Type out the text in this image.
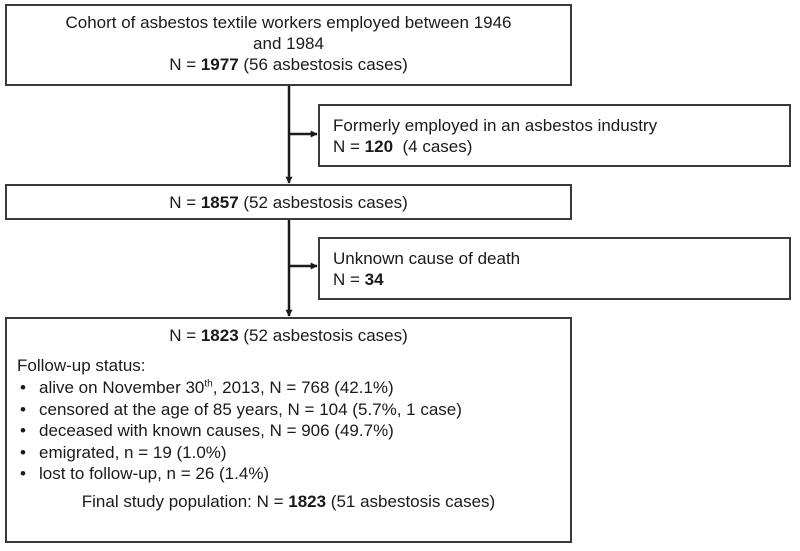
Cohort of asbestos textile workers employed between 1946
and 1984
N = 1977 (56 asbestosis cases)
Formerly employed in an asbestos industry
N = 120  (4 cases)
N = 1857 (52 asbestosis cases)
Unknown cause of death
N = 34
N = 1823 (52 asbestosis cases)
Follow-up status:
• alive on November 30th, 2013, N = 768 (42.1%)
• censored at the age of 85 years, N = 104 (5.7%, 1 case)
• deceased with known causes, N = 906 (49.7%)
• emigrated, n = 19 (1.0%)
• lost to follow-up, n = 26 (1.4%)
Final study population: N = 1823 (51 asbestosis cases)
